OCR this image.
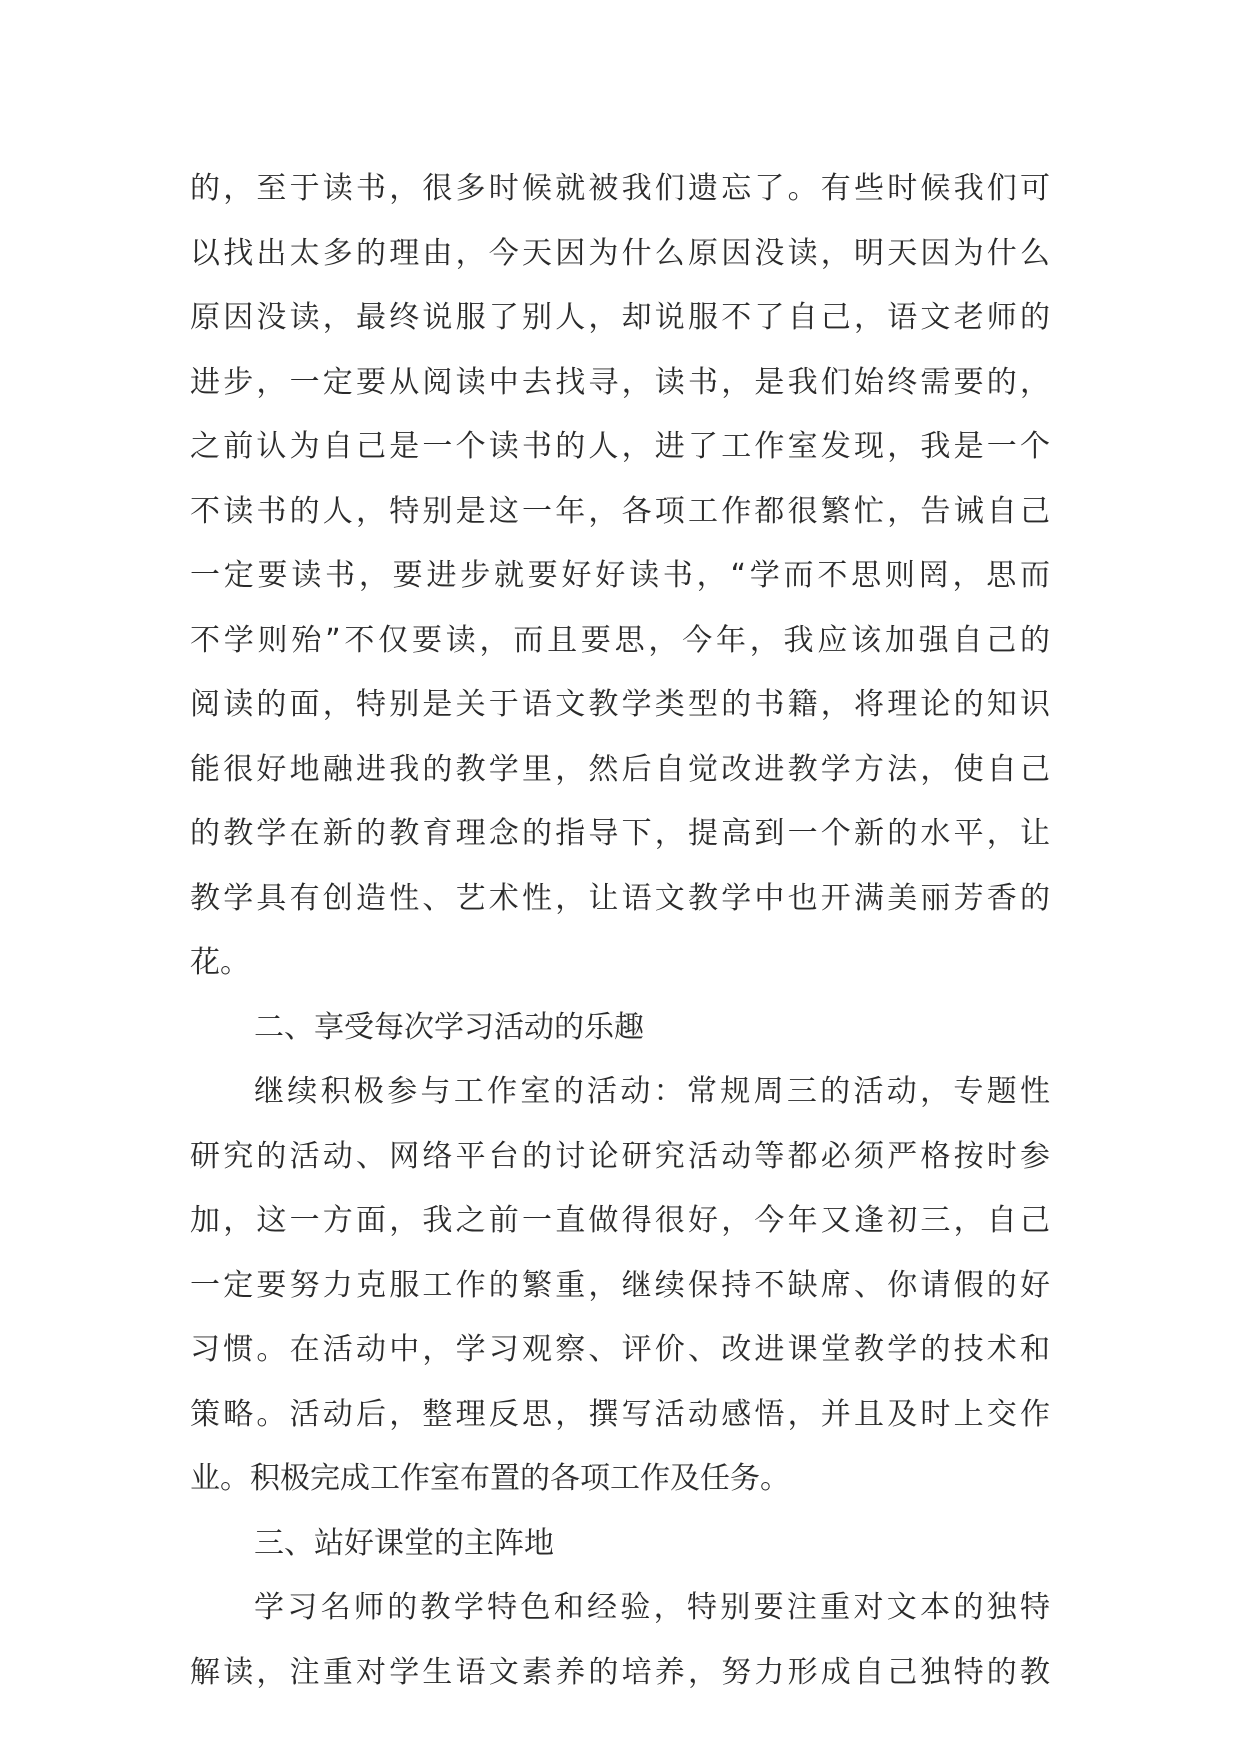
的，至于读书，很多时候就被我们遗忘了。有些时候我们可
以找出太多的理由，今天因为什么原因没读，明天因为什么
原因没读，最终说服了别人，却说服不了自己，语文老师的
进步，一定要从阅读中去找寻，读书，是我们始终需要的，
之前认为自己是一个读书的人，进了工作室发现，我是一个
不读书的人，特别是这一年，各项工作都很繁忙，告诫自己
一定要读书，要进步就要好好读书，“学而不思则罔，思而
不学则殆”不仅要读，而且要思，今年，我应该加强自己的
阅读的面，特别是关于语文教学类型的书籍，将理论的知识
能很好地融进我的教学里，然后自觉改进教学方法，使自己
的教学在新的教育理念的指导下，提高到一个新的水平，让
教学具有创造性、艺术性，让语文教学中也开满美丽芳香的
花。
二、享受每次学习活动的乐趣
继续积极参与工作室的活动：常规周三的活动，专题性
研究的活动、网络平台的讨论研究活动等都必须严格按时参
加，这一方面，我之前一直做得很好，今年又逢初三，自己
一定要努力克服工作的繁重，继续保持不缺席、你请假的好
习惯。在活动中，学习观察、评价、改进课堂教学的技术和
策略。活动后，整理反思，撰写活动感悟，并且及时上交作
业。积极完成工作室布置的各项工作及任务。
三、站好课堂的主阵地
学习名师的教学特色和经验，特别要注重对文本的独特
解读，注重对学生语文素养的培养，努力形成自己独特的教
